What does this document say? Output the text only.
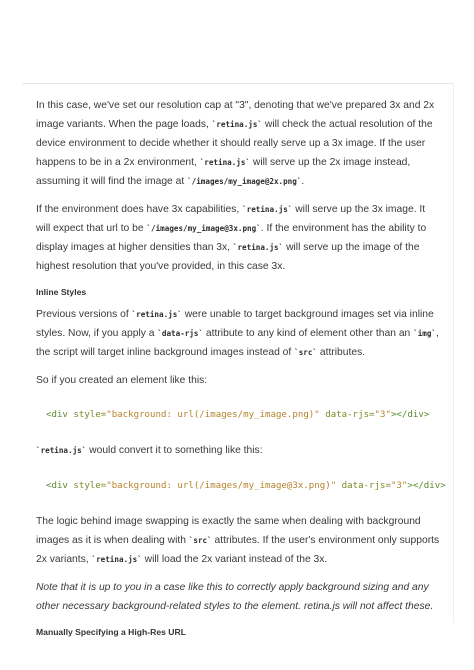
In this case, we've set our resolution cap at "3", denoting that we've prepared 3x and 2x image variants. When the page loads, `retina.js` will check the actual resolution of the device environment to decide whether it should really serve up a 3x image. If the user happens to be in a 2x environment, `retina.js` will serve up the 2x image instead, assuming it will find the image at `/images/my_image@2x.png`.

If the environment does have 3x capabilities, `retina.js` will serve up the 3x image. It will expect that url to be `/images/my_image@3x.png`. If the environment has the ability to display images at higher densities than 3x, `retina.js` will serve up the image of the highest resolution that you've provided, in this case 3x.

Inline Styles

Previous versions of `retina.js` were unable to target background images set via inline styles. Now, if you apply a `data-rjs` attribute to any kind of element other than an `img`, the script will target inline background images instead of `src` attributes.

So if you created an element like this:

<div style="background: url(/images/my_image.png)" data-rjs="3"></div>

`retina.js` would convert it to something like this:

<div style="background: url(/images/my_image@3x.png)" data-rjs="3"></div>

The logic behind image swapping is exactly the same when dealing with background images as it is when dealing with `src` attributes. If the user's environment only supports 2x variants, `retina.js` will load the 2x variant instead of the 3x.

Note that it is up to you in a case like this to correctly apply background sizing and any other necessary background-related styles to the element. retina.js will not affect these.

Manually Specifying a High-Res URL
